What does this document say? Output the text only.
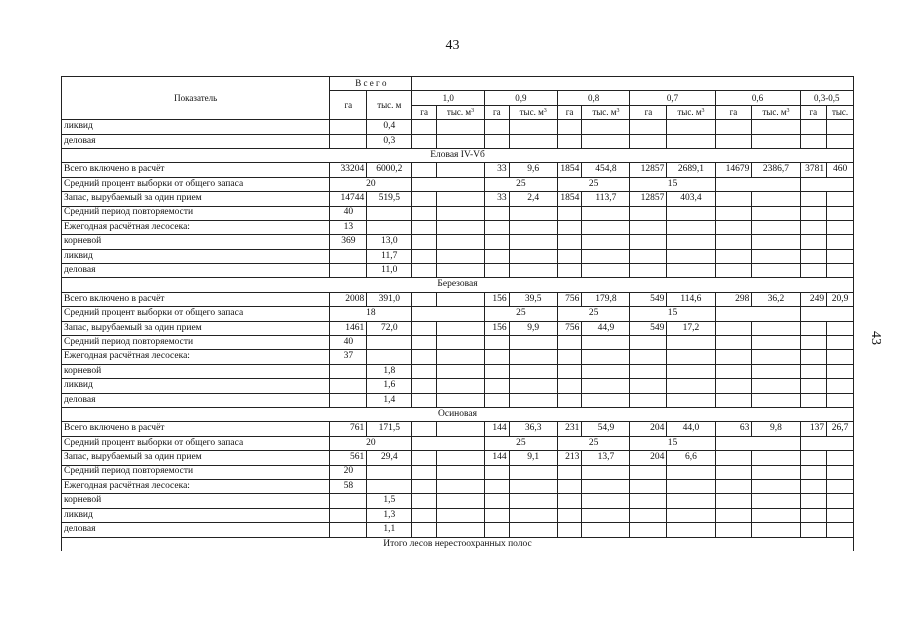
43
43
Показатель	В с е г о													
	га	тыс. м	1,0		0,9		0,8		0,7		0,6		0,3-0,5	
			га	тыс. $м^3$	га	тыс. $м^3$	га	тыс. $м^3$	га	тыс. $м^3$	га	тыс. $м^3$	га	тыс.
ликвид		0,4												
деловая		0,3												
Еловая IV-Vб														
Всего включено в расчёт	33204	6000,2			33	9,6	1854	454,8	12857	2689,1	14679	2386,7	3781	460
Средний процент выборки от общего запаса	20				25		25		15					
Запас, вырубаемый за один прием	14744	519,5			33	2,4	1854	113,7	12857	403,4				
Средний период повторяемости	40													
Ежегодная расчётная лесосека:	13													
корневой	369	13,0												
ликвид		11,7												
деловая		11,0												
Березовая														
Всего включено в расчёт	2008	391,0			156	39,5	756	179,8	549	114,6	298	36,2	249	20,9
Средний процент выборки от общего запаса	18				25		25		15					
Запас, вырубаемый за один прием	1461	72,0			156	9,9	756	44,9	549	17,2				
Средний период повторяемости	40													
Ежегодная расчётная лесосека:	37													
корневой		1,8												
ликвид		1,6												
деловая		1,4												
Осиновая														
Всего включено в расчёт	761	171,5			144	36,3	231	54,9	204	44,0	63	9,8	137	26,7
Средний процент выборки от общего запаса	20				25		25		15					
Запас, вырубаемый за один прием	561	29,4			144	9,1	213	13,7	204	6,6				
Средний период повторяемости	20													
Ежегодная расчётная лесосека:	58													
корневой		1,5												
ликвид		1,3												
деловая		1,1												
Итого лесов нерестоохранных полос														
